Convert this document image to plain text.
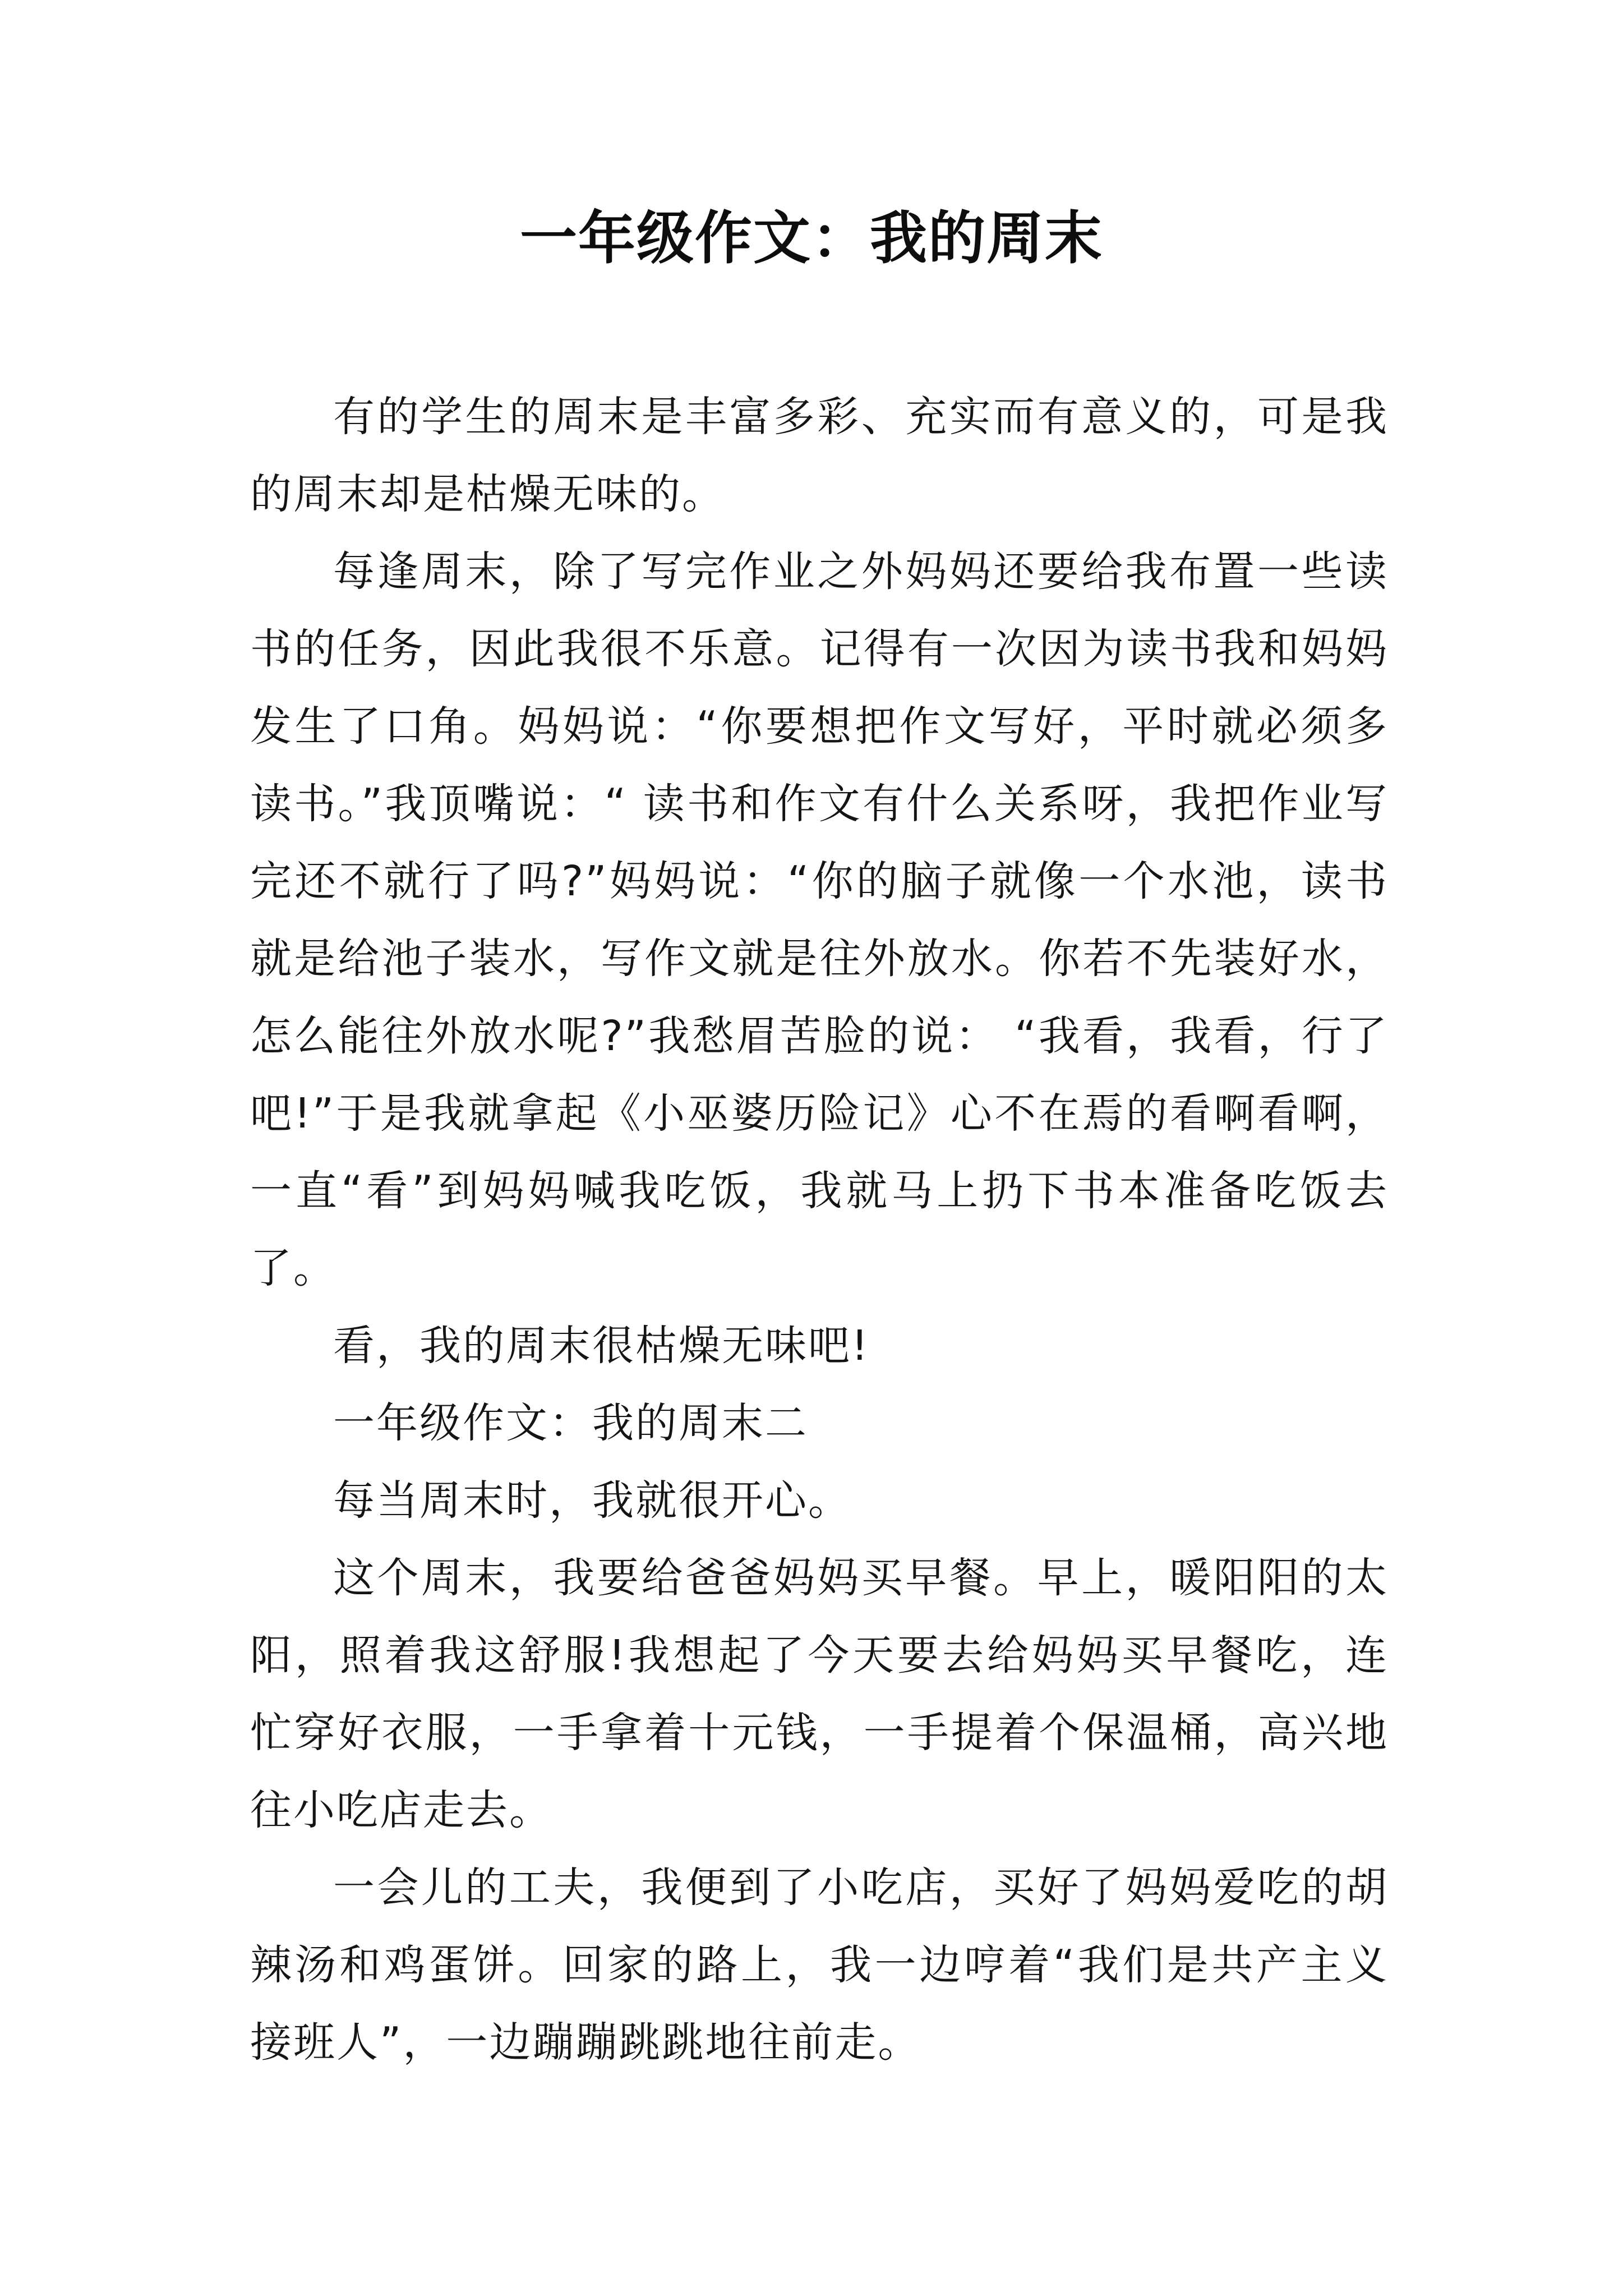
一年级作文：我的周末

有的学生的周末是丰富多彩、充实而有意义的，可是我的周末却是枯燥无味的。

每逢周末，除了写完作业之外妈妈还要给我布置一些读书的任务，因此我很不乐意。记得有一次因为读书我和妈妈发生了口角。妈妈说：“你要想把作文写好，平时就必须多读书。”我顶嘴说：“ 读书和作文有什么关系呀，我把作业写完还不就行了吗?”妈妈说：“你的脑子就像一个水池，读书就是给池子装水，写作文就是往外放水。你若不先装好水，怎么能往外放水呢?”我愁眉苦脸的说： “我看，我看，行了吧!”于是我就拿起《小巫婆历险记》心不在焉的看啊看啊，一直“看”到妈妈喊我吃饭，我就马上扔下书本准备吃饭去了。

看，我的周末很枯燥无味吧!

一年级作文：我的周末二

每当周末时，我就很开心。

这个周末，我要给爸爸妈妈买早餐。早上，暖阳阳的太阳，照着我这舒服!我想起了今天要去给妈妈买早餐吃，连忙穿好衣服，一手拿着十元钱，一手提着个保温桶，高兴地往小吃店走去。

一会儿的工夫，我便到了小吃店，买好了妈妈爱吃的胡辣汤和鸡蛋饼。回家的路上，我一边哼着“我们是共产主义接班人”，一边蹦蹦跳跳地往前走。
